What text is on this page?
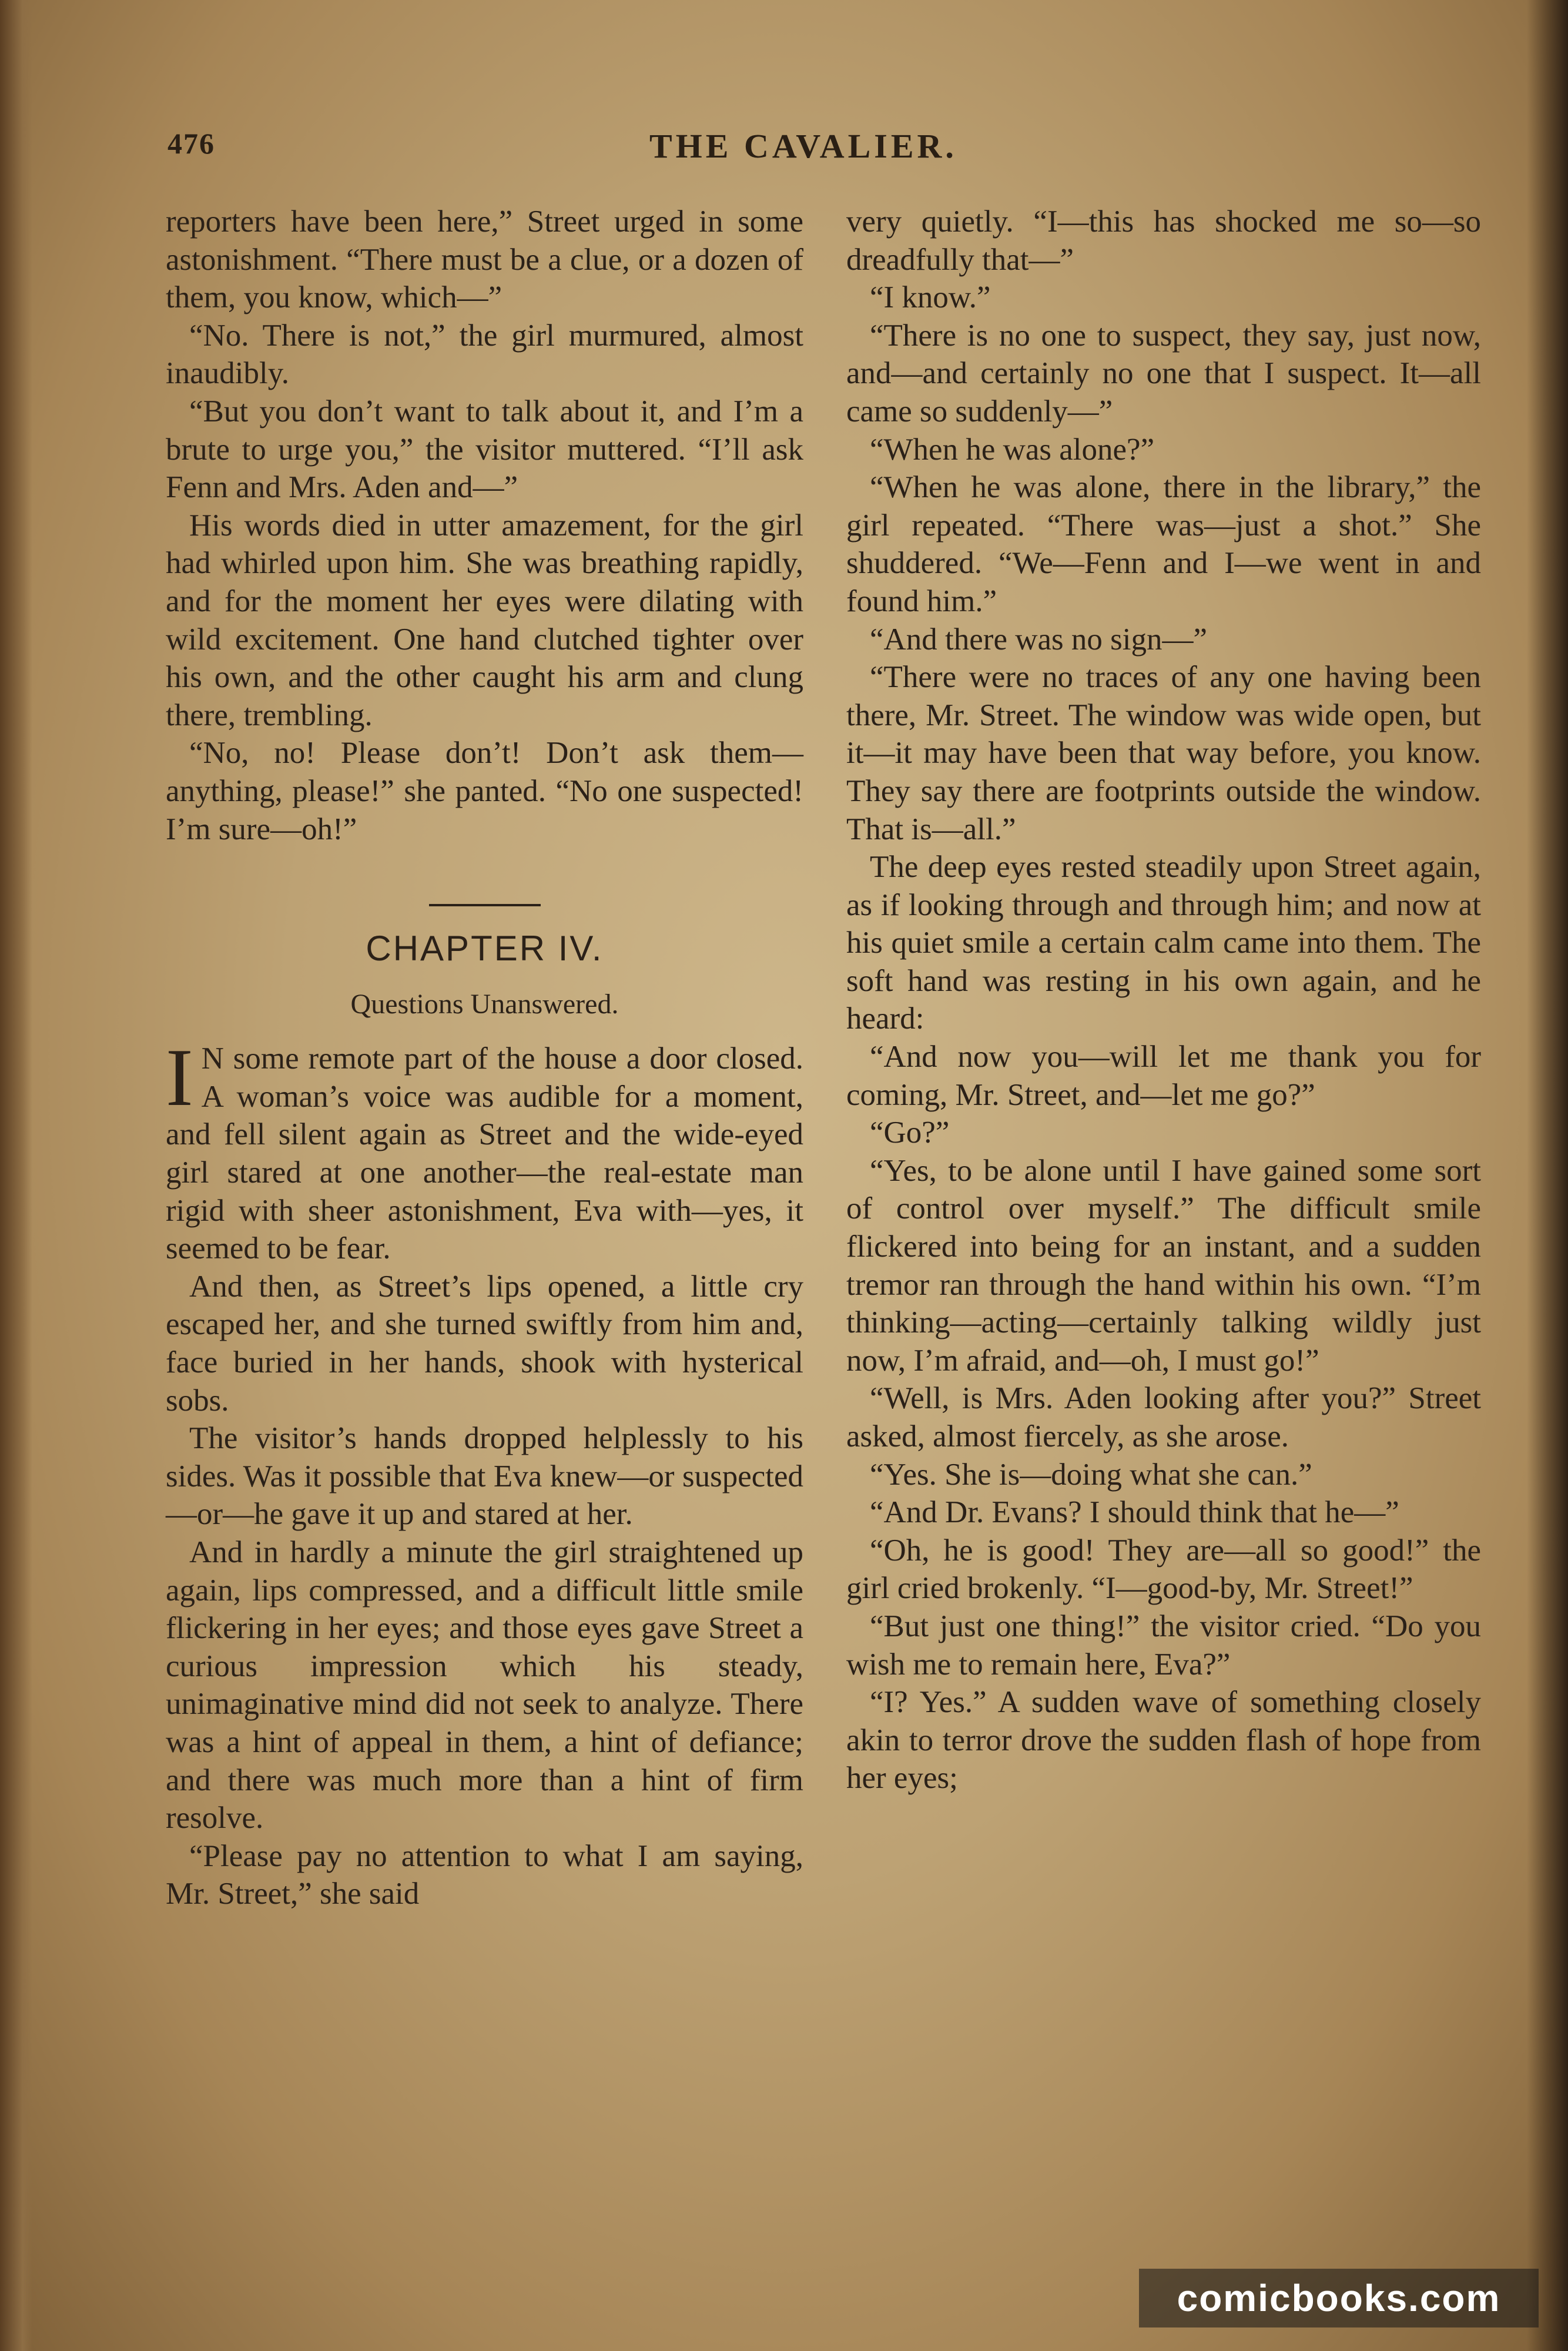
476	THE CAVALIER.

reporters have been here,” Street urged in some astonishment. “There must be a clue, or a dozen of them, you know, which—”

“No. There is not,” the girl murmured, almost inaudibly.

“But you don’t want to talk about it, and I’m a brute to urge you,” the visitor muttered. “I’ll ask Fenn and Mrs. Aden and—”

His words died in utter amazement, for the girl had whirled upon him. She was breathing rapidly, and for the moment her eyes were dilating with wild excitement. One hand clutched tighter over his own, and the other caught his arm and clung there, trembling.

“No, no! Please don’t! Don’t ask them—anything, please!” she panted. “No one suspected! I’m sure—oh!”

CHAPTER IV.
Questions Unanswered.

I N some remote part of the house a door closed. A woman’s voice was audible for a moment, and fell silent again as Street and the wide-eyed girl stared at one another—the real-estate man rigid with sheer astonishment, Eva with—yes, it seemed to be fear.

And then, as Street’s lips opened, a little cry escaped her, and she turned swiftly from him and, face buried in her hands, shook with hysterical sobs.

The visitor’s hands dropped helplessly to his sides. Was it possible that Eva knew—or suspected—or—he gave it up and stared at her.

And in hardly a minute the girl straightened up again, lips compressed, and a difficult little smile flickering in her eyes; and those eyes gave Street a curious impression which his steady, unimaginative mind did not seek to analyze. There was a hint of appeal in them, a hint of defiance; and there was much more than a hint of firm resolve.

“Please pay no attention to what I am saying, Mr. Street,” she said

very quietly. “I—this has shocked me so—so dreadfully that—”

“I know.”

“There is no one to suspect, they say, just now, and—and certainly no one that I suspect. It—all came so suddenly—”

“When he was alone?”

“When he was alone, there in the library,” the girl repeated. “There was—just a shot.” She shuddered. “We—Fenn and I—we went in and found him.”

“And there was no sign—”

“There were no traces of any one having been there, Mr. Street. The window was wide open, but it—it may have been that way before, you know. They say there are footprints outside the window. That is—all.”

The deep eyes rested steadily upon Street again, as if looking through and through him; and now at his quiet smile a certain calm came into them. The soft hand was resting in his own again, and he heard:

“And now you—will let me thank you for coming, Mr. Street, and—let me go?”

“Go?”

“Yes, to be alone until I have gained some sort of control over myself.” The difficult smile flickered into being for an instant, and a sudden tremor ran through the hand within his own. “I’m thinking—acting—certainly talking wildly just now, I’m afraid, and—oh, I must go!”

“Well, is Mrs. Aden looking after you?” Street asked, almost fiercely, as she arose.

“Yes. She is—doing what she can.”

“And Dr. Evans? I should think that he—”

“Oh, he is good! They are—all so good!” the girl cried brokenly. “I—good-by, Mr. Street!”

“But just one thing!” the visitor cried. “Do you wish me to remain here, Eva?”

“I? Yes.” A sudden wave of something closely akin to terror drove the sudden flash of hope from her eyes;

comicbooks.com
